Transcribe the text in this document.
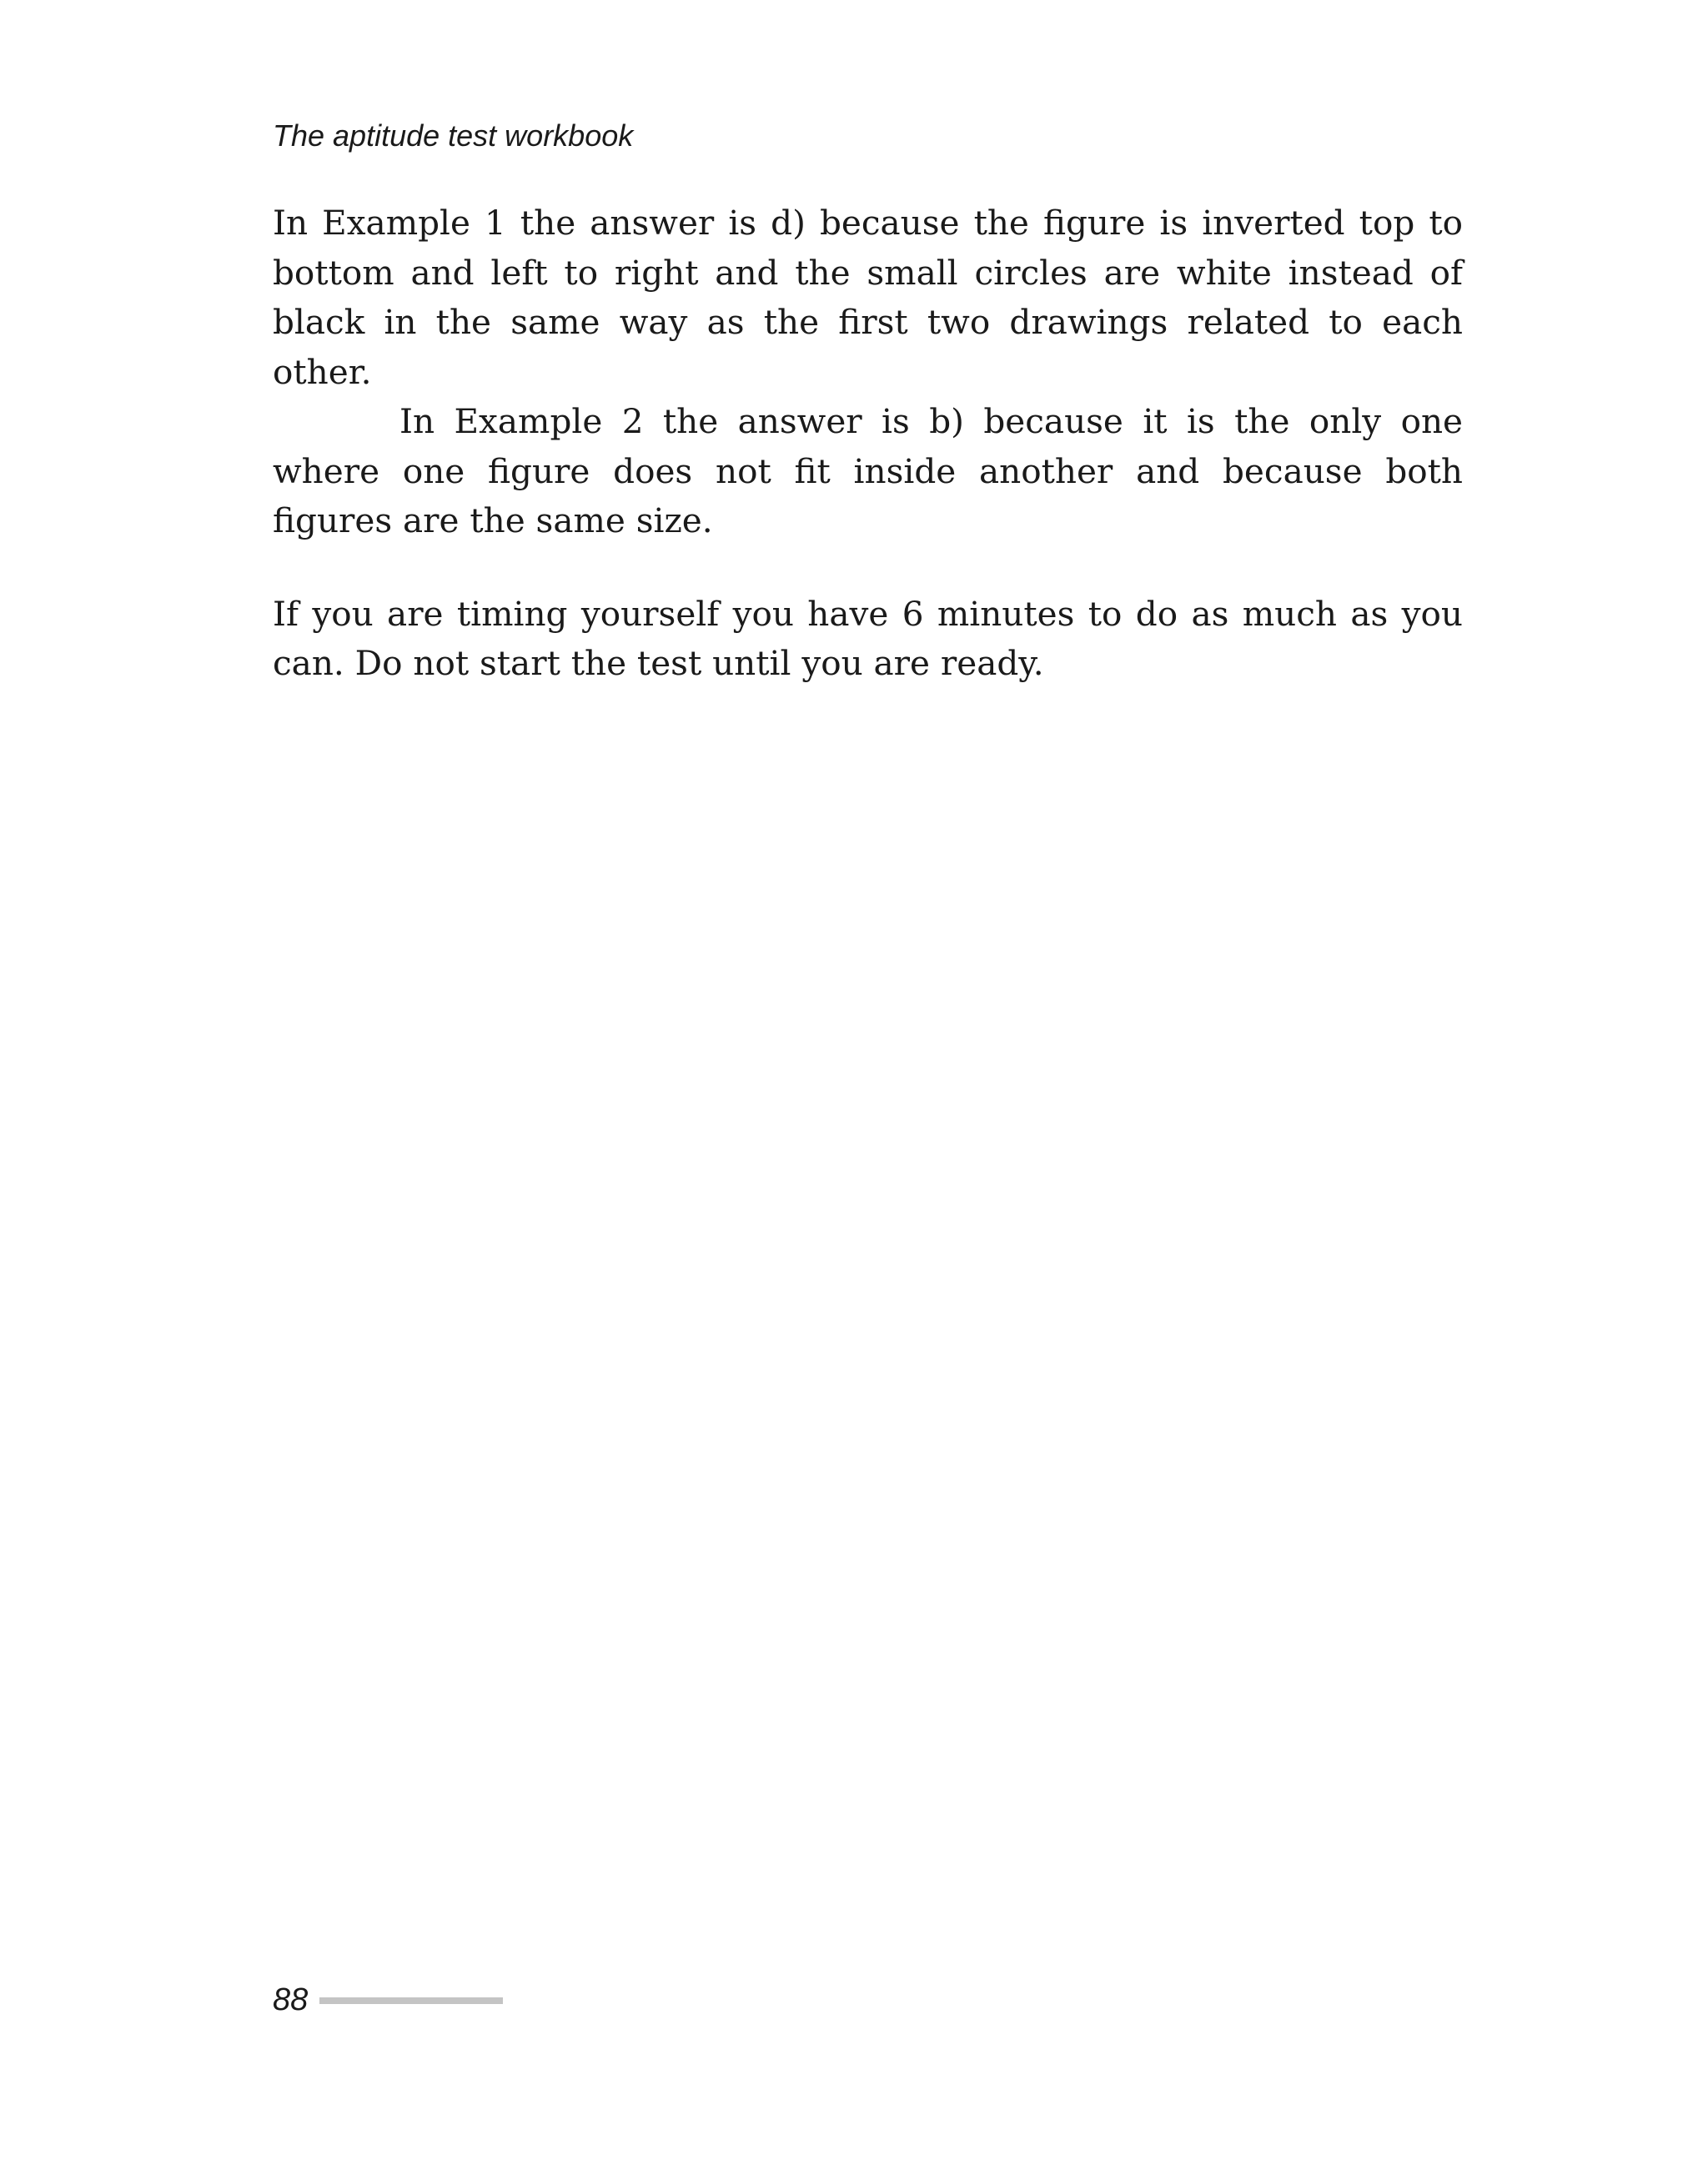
The aptitude test workbook

In Example 1 the answer is d) because the figure is inverted top to bottom and left to right and the small circles are white instead of black in the same way as the first two drawings related to each other.

In Example 2 the answer is b) because it is the only one where one figure does not fit inside another and because both figures are the same size.

If you are timing yourself you have 6 minutes to do as much as you can. Do not start the test until you are ready.

88
